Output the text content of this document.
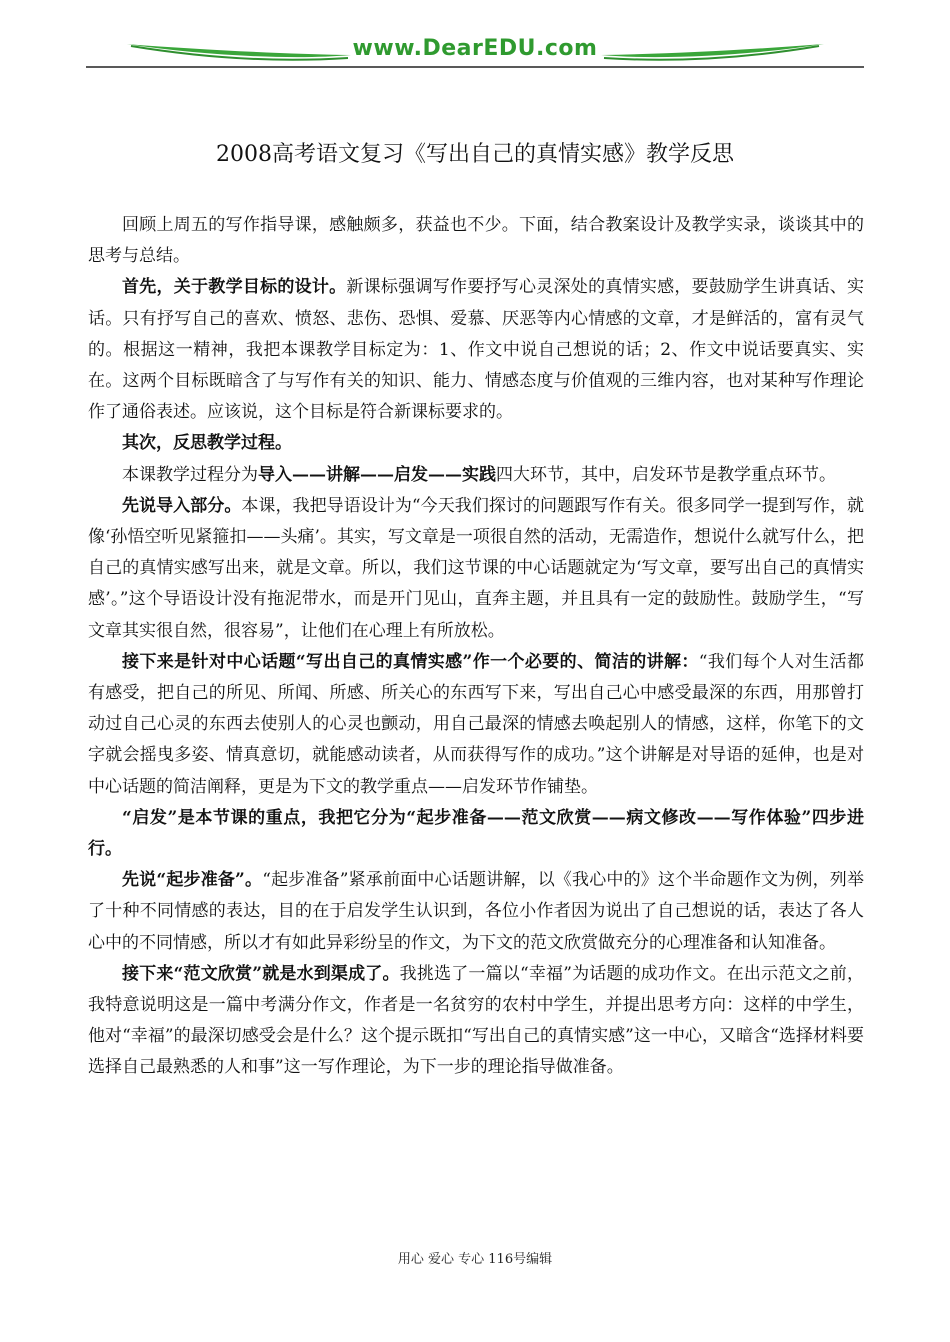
www.DearEDU.com
2008高考语文复习《写出自己的真情实感》教学反思

回顾上周五的写作指导课，感触颇多，获益也不少。下面，结合教案设计及教学实录，谈谈其中的思考与总结。

首先，关于教学目标的设计。新课标强调写作要抒写心灵深处的真情实感，要鼓励学生讲真话、实话。只有抒写自己的喜欢、愤怒、悲伤、恐惧、爱慕、厌恶等内心情感的文章，才是鲜活的，富有灵气的。根据这一精神，我把本课教学目标定为：1、作文中说自己想说的话；2、作文中说话要真实、实在。这两个目标既暗含了与写作有关的知识、能力、情感态度与价值观的三维内容，也对某种写作理论作了通俗表述。应该说，这个目标是符合新课标要求的。

其次，反思教学过程。

本课教学过程分为导入——讲解——启发——实践四大环节，其中，启发环节是教学重点环节。

先说导入部分。本课，我把导语设计为“今天我们探讨的问题跟写作有关。很多同学一提到写作，就像‘孙悟空听见紧箍扣——头痛’。其实，写文章是一项很自然的活动，无需造作，想说什么就写什么，把自己的真情实感写出来，就是文章。所以，我们这节课的中心话题就定为‘写文章，要写出自己的真情实感’。”这个导语设计没有拖泥带水，而是开门见山，直奔主题，并且具有一定的鼓励性。鼓励学生，“写文章其实很自然，很容易”，让他们在心理上有所放松。

接下来是针对中心话题“写出自己的真情实感”作一个必要的、简洁的讲解：“我们每个人对生活都有感受，把自己的所见、所闻、所感、所关心的东西写下来，写出自己心中感受最深的东西，用那曾打动过自己心灵的东西去使别人的心灵也颤动，用自己最深的情感去唤起别人的情感，这样，你笔下的文字就会摇曳多姿、情真意切，就能感动读者，从而获得写作的成功。”这个讲解是对导语的延伸，也是对中心话题的简洁阐释，更是为下文的教学重点——启发环节作铺垫。

“启发”是本节课的重点，我把它分为“起步准备——范文欣赏——病文修改——写作体验”四步进行。

先说“起步准备”。“起步准备”紧承前面中心话题讲解，以《我心中的》这个半命题作文为例，列举了十种不同情感的表达，目的在于启发学生认识到，各位小作者因为说出了自己想说的话，表达了各人心中的不同情感，所以才有如此异彩纷呈的作文，为下文的范文欣赏做充分的心理准备和认知准备。

接下来“范文欣赏”就是水到渠成了。我挑选了一篇以“幸福”为话题的成功作文。在出示范文之前，我特意说明这是一篇中考满分作文，作者是一名贫穷的农村中学生，并提出思考方向：这样的中学生，他对“幸福”的最深切感受会是什么？这个提示既扣“写出自己的真情实感”这一中心，又暗含“选择材料要选择自己最熟悉的人和事”这一写作理论，为下一步的理论指导做准备。

用心 爱心 专心 116号编辑
